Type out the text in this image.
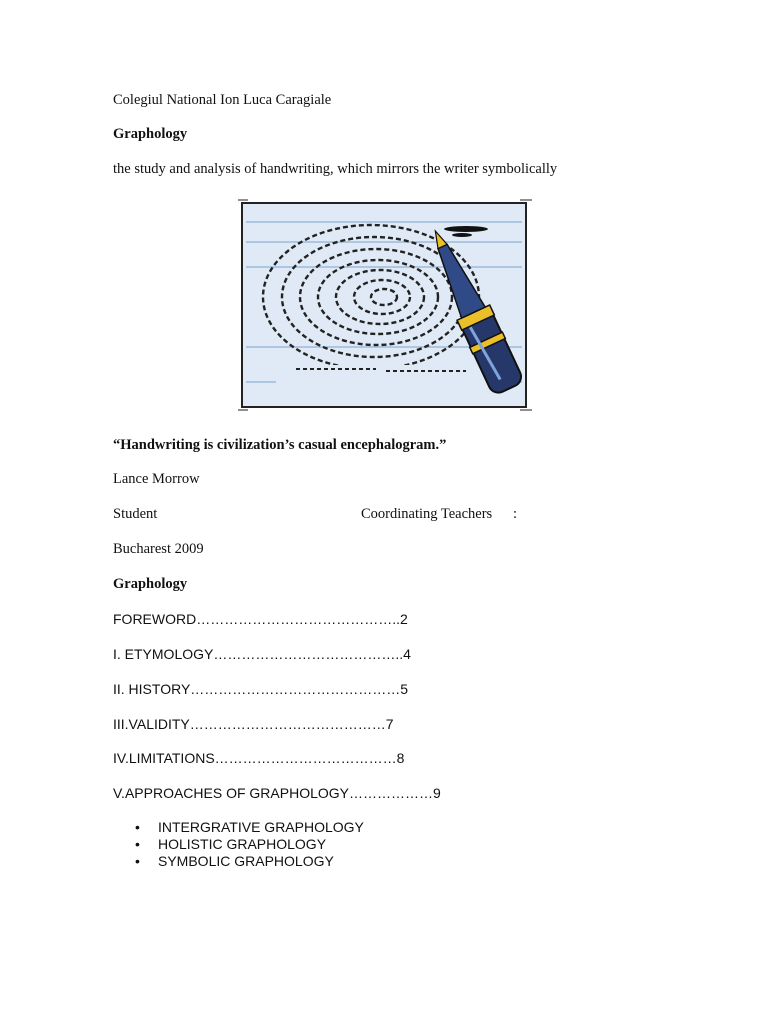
Colegiul National Ion Luca Caragiale
Graphology
the study and analysis of handwriting, which mirrors the writer symbolically
“Handwriting is civilization’s casual encephalogram.”
Lance Morrow
Student	Coordinating Teachers :
Bucharest 2009
Graphology
FOREWORD……………………………………..2
I. ETYMOLOGY…………………………………..4
II. HISTORY………………………………………5
III.VALIDITY……………………………………7
IV.LIMITATIONS…………………………………8
V.APPROACHES OF GRAPHOLOGY………………9
• INTERGRATIVE GRAPHOLOGY
• HOLISTIC GRAPHOLOGY
• SYMBOLIC GRAPHOLOGY
